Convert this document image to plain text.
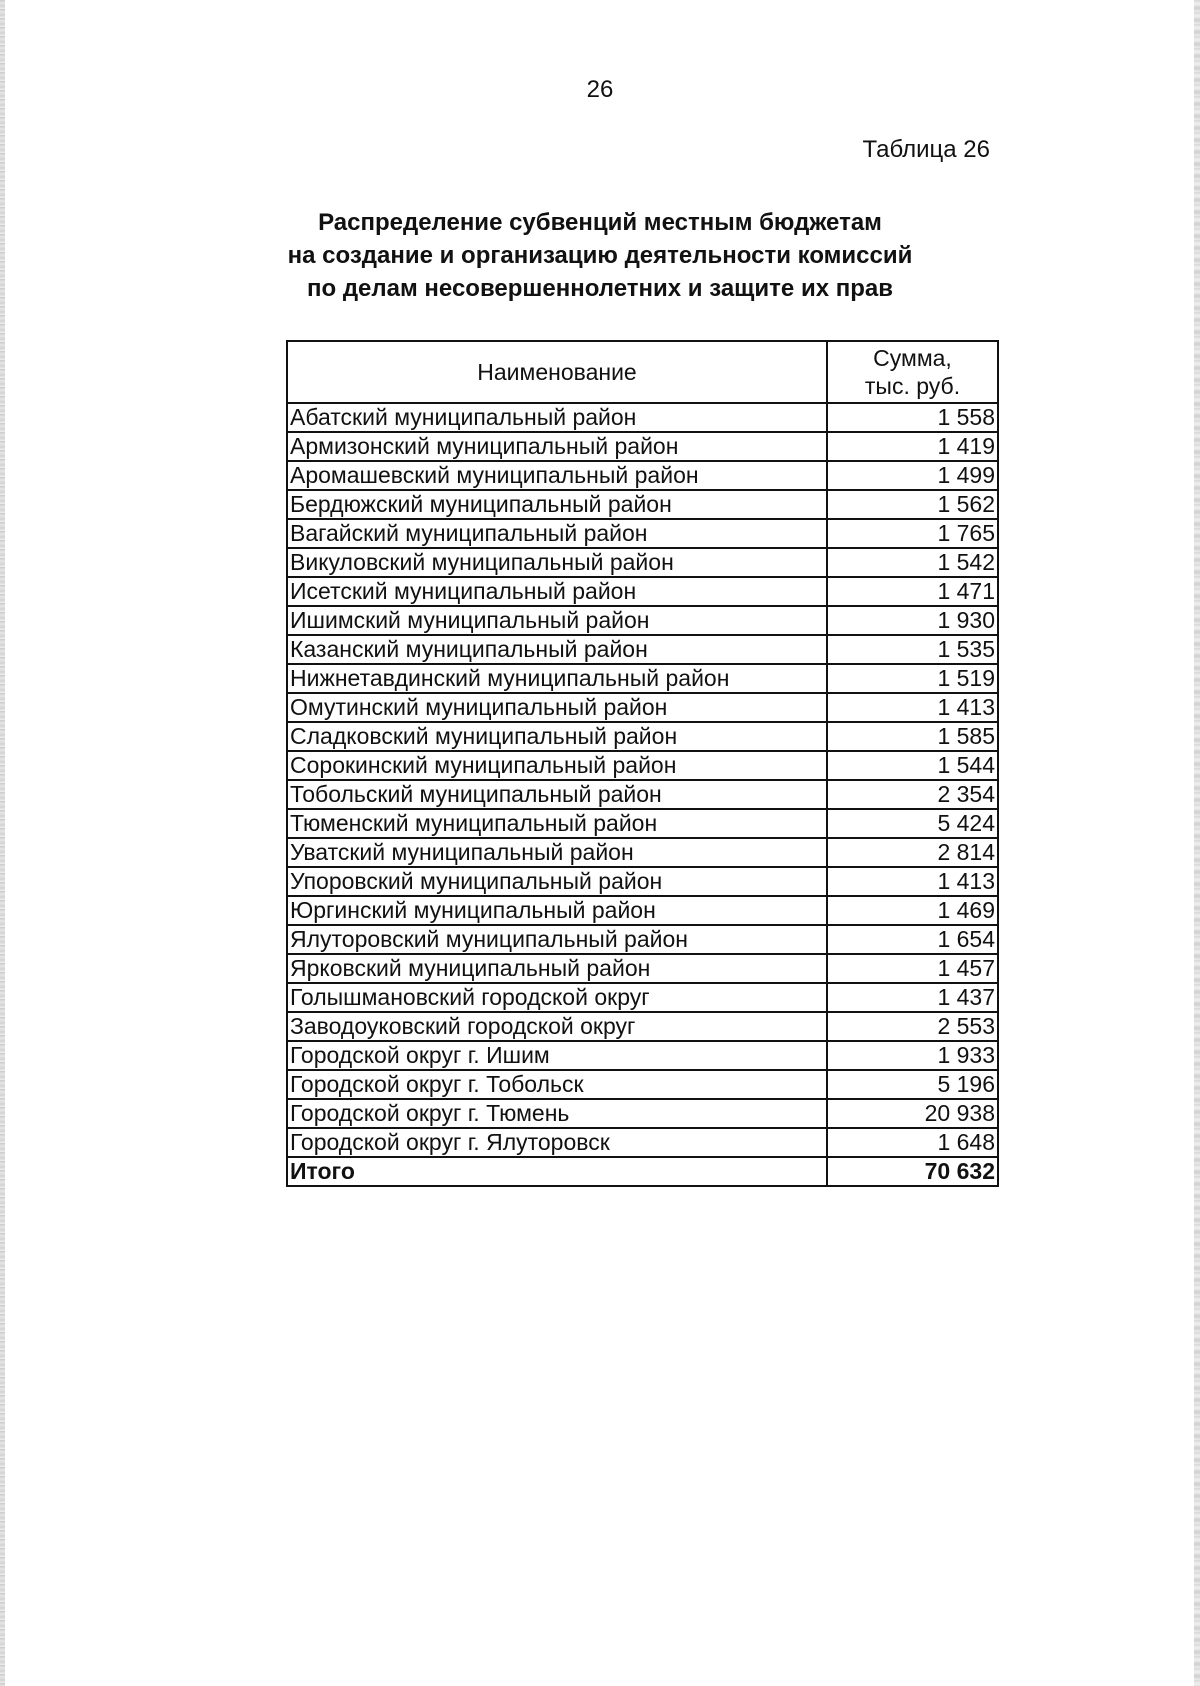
26
Таблица 26
Распределение субвенций местным бюджетам
на создание и организацию деятельности комиссий
по делам несовершеннолетних и защите их прав
Наименование	Сумма,
тыс. руб.

Абатский муниципальный район	1 558
Армизонский муниципальный район	1 419
Аромашевский муниципальный район	1 499
Бердюжский муниципальный район	1 562
Вагайский муниципальный район	1 765
Викуловский муниципальный район	1 542
Исетский муниципальный район	1 471
Ишимский муниципальный район	1 930
Казанский муниципальный район	1 535
Нижнетавдинский муниципальный район	1 519
Омутинский муниципальный район	1 413
Сладковский муниципальный район	1 585
Сорокинский муниципальный район	1 544
Тобольский муниципальный район	2 354
Тюменский муниципальный район	5 424
Уватский муниципальный район	2 814
Упоровский муниципальный район	1 413
Юргинский муниципальный район	1 469
Ялуторовский муниципальный район	1 654
Ярковский муниципальный район	1 457
Голышмановский городской округ	1 437
Заводоуковский городской округ	2 553
Городской округ г. Ишим	1 933
Городской округ г. Тобольск	5 196
Городской округ г. Тюмень	20 938
Городской округ г. Ялуторовск	1 648
Итого	70 632
